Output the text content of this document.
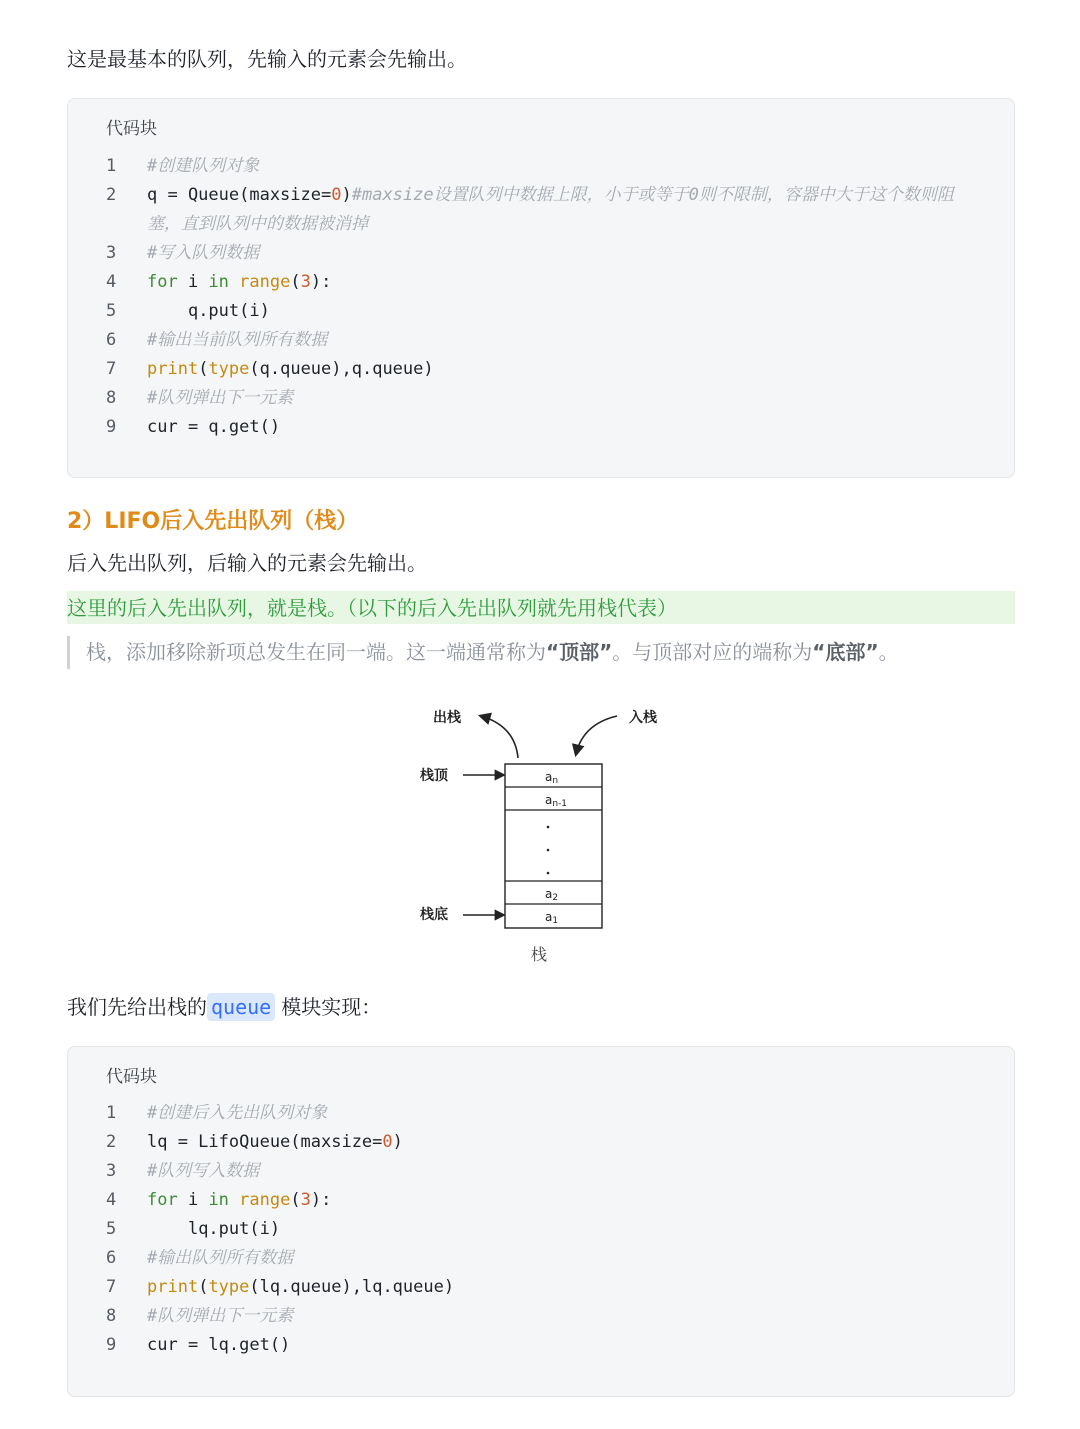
这是最基本的队列，先输入的元素会先输出。
代码块
1	#创建队列对象
2	q = Queue(maxsize=0)#maxsize设置队列中数据上限，小于或等于0则不限制，容器中大于这个数则阻塞，直到队列中的数据被消掉
3	#写入队列数据
4	for i in range(3):
5	q.put(i)
6	#输出当前队列所有数据
7	print(type(q.queue),q.queue)
8	#队列弹出下一元素
9	cur = q.get()
2）LIFO后入先出队列（栈）
后入先出队列，后输入的元素会先输出。
这里的后入先出队列，就是栈。（以下的后入先出队列就先用栈代表）
栈，添加移除新项总发生在同一端。这一端通常称为“顶部”。与顶部对应的端称为“底部”。
出栈	入栈
栈顶
栈底
an
an-1
a2
a1
栈
我们先给出栈的 queue 模块实现：
代码块
1	#创建后入先出队列对象
2	lq = LifoQueue(maxsize=0)
3	#队列写入数据
4	for i in range(3):
5	lq.put(i)
6	#输出队列所有数据
7	print(type(lq.queue),lq.queue)
8	#队列弹出下一元素
9	cur = lq.get()
